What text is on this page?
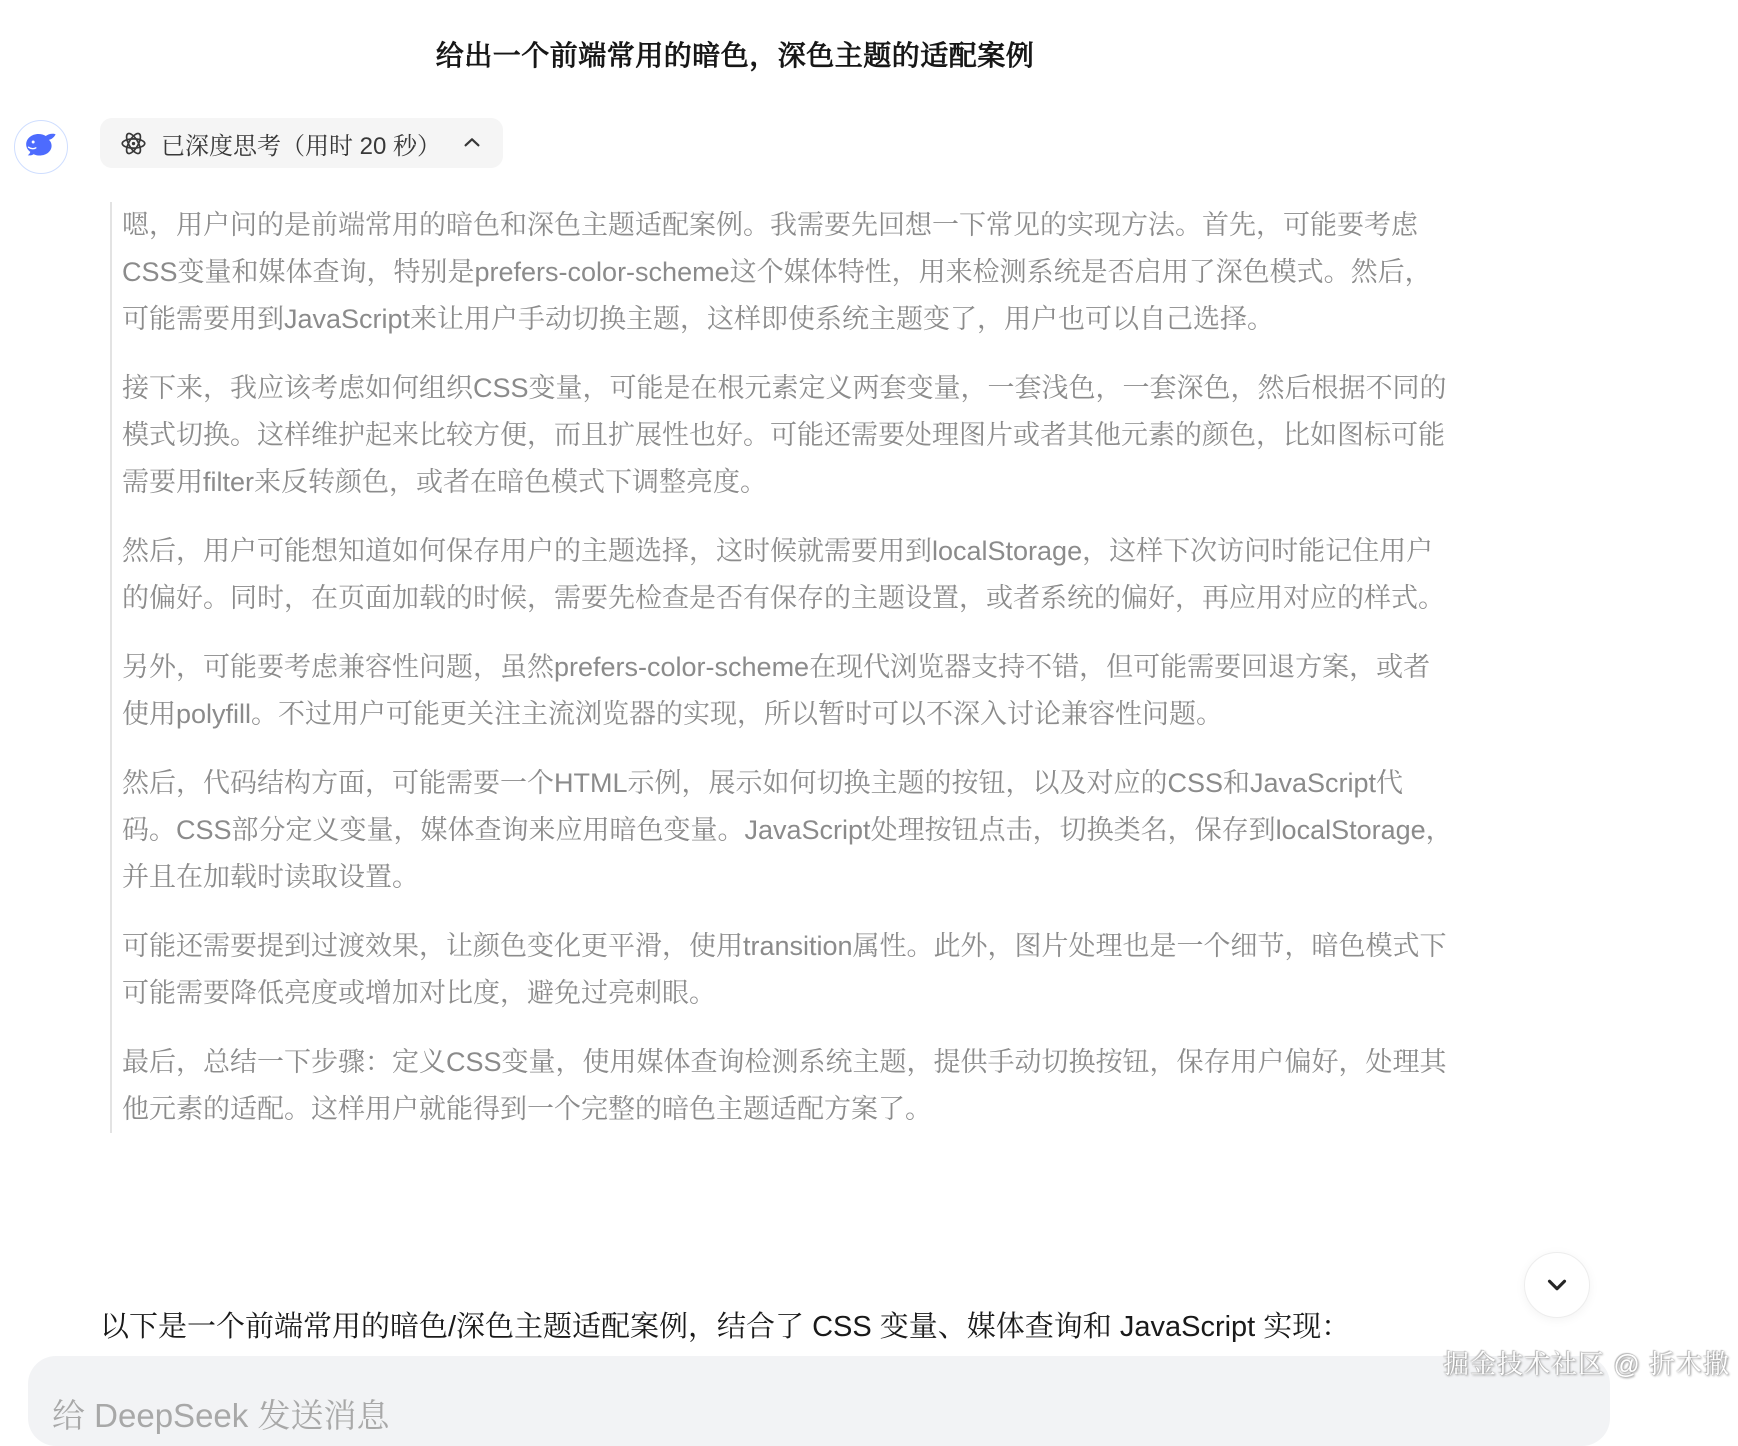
给出一个前端常用的暗色，深色主题的适配案例
已深度思考（用时 20 秒）

嗯，用户问的是前端常用的暗色和深色主题适配案例。我需要先回想一下常见的实现方法。首先，可能要考虑CSS变量和媒体查询，特别是prefers-color-scheme这个媒体特性，用来检测系统是否启用了深色模式。然后，可能需要用到JavaScript来让用户手动切换主题，这样即使系统主题变了，用户也可以自己选择。

接下来，我应该考虑如何组织CSS变量，可能是在根元素定义两套变量，一套浅色，一套深色，然后根据不同的模式切换。这样维护起来比较方便，而且扩展性也好。可能还需要处理图片或者其他元素的颜色，比如图标可能需要用filter来反转颜色，或者在暗色模式下调整亮度。

然后，用户可能想知道如何保存用户的主题选择，这时候就需要用到localStorage，这样下次访问时能记住用户的偏好。同时，在页面加载的时候，需要先检查是否有保存的主题设置，或者系统的偏好，再应用对应的样式。

另外，可能要考虑兼容性问题，虽然prefers-color-scheme在现代浏览器支持不错，但可能需要回退方案，或者使用polyfill。不过用户可能更关注主流浏览器的实现，所以暂时可以不深入讨论兼容性问题。

然后，代码结构方面，可能需要一个HTML示例，展示如何切换主题的按钮，以及对应的CSS和JavaScript代码。CSS部分定义变量，媒体查询来应用暗色变量。JavaScript处理按钮点击，切换类名，保存到localStorage，并且在加载时读取设置。

可能还需要提到过渡效果，让颜色变化更平滑，使用transition属性。此外，图片处理也是一个细节，暗色模式下可能需要降低亮度或增加对比度，避免过亮刺眼。

最后，总结一下步骤：定义CSS变量，使用媒体查询检测系统主题，提供手动切换按钮，保存用户偏好，处理其他元素的适配。这样用户就能得到一个完整的暗色主题适配方案了。

以下是一个前端常用的暗色/深色主题适配案例，结合了 CSS 变量、媒体查询和 JavaScript 实现：
给 DeepSeek 发送消息
掘金技术社区 @ 折木撒
